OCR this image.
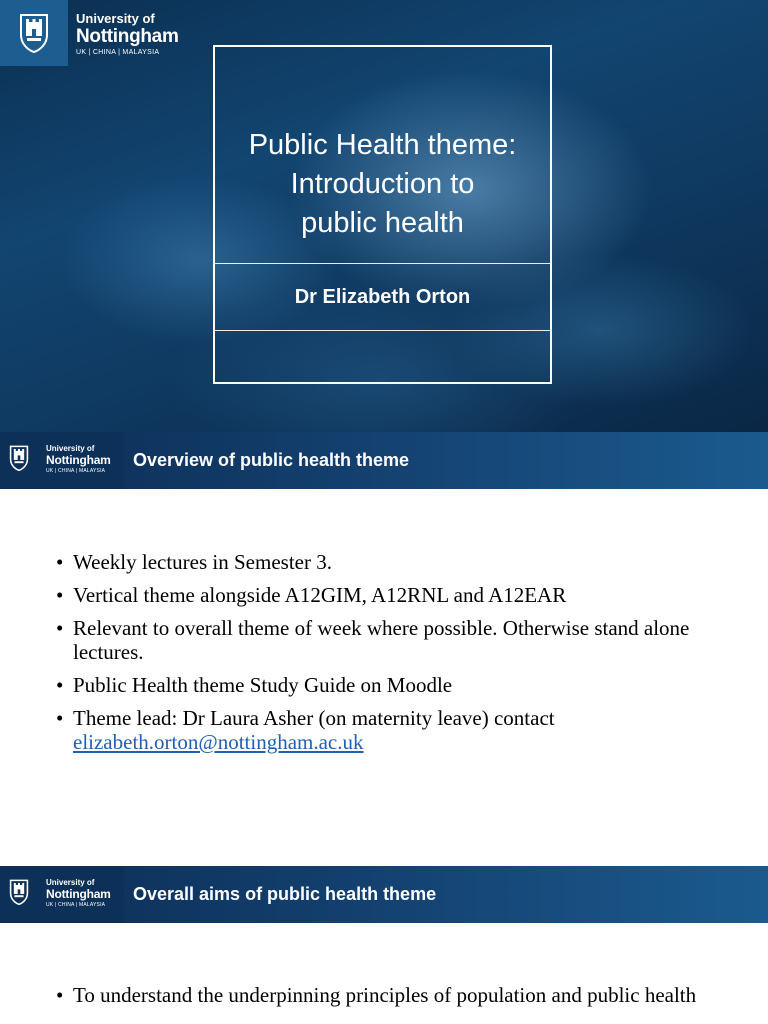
University of
Nottingham
UK | CHINA | MALAYSIA
Public Health theme:
Introduction to
public health
Dr Elizabeth Orton
University of
Nottingham
UK | CHINA | MALAYSIA
Overview of public health theme
• Weekly lectures in Semester 3.
• Vertical theme alongside A12GIM, A12RNL and A12EAR
• Relevant to overall theme of week where possible. Otherwise stand alone lectures.
• Public Health theme Study Guide on Moodle
• Theme lead: Dr Laura Asher (on maternity leave) contact
elizabeth.orton@nottingham.ac.uk
University of
Nottingham
UK | CHINA | MALAYSIA
Overall aims of public health theme
• To understand the underpinning principles of population and public health
